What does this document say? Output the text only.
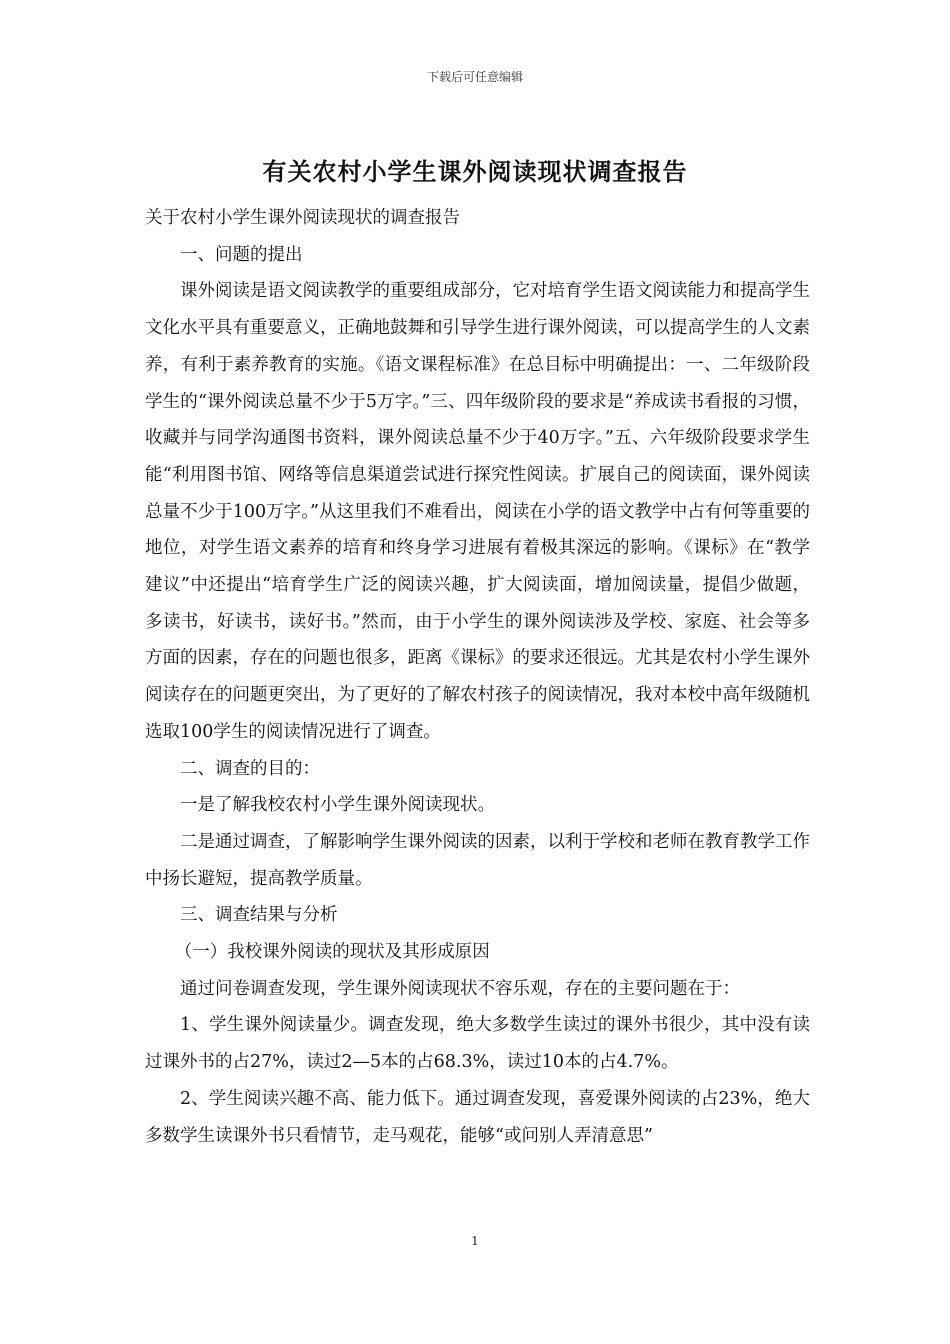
下载后可任意编辑
有关农村小学生课外阅读现状调查报告

关于农村小学生课外阅读现状的调查报告

一、问题的提出

课外阅读是语文阅读教学的重要组成部分，它对培育学生语文阅读能力和提高学生文化水平具有重要意义，正确地鼓舞和引导学生进行课外阅读，可以提高学生的人文素养，有利于素养教育的实施。《语文课程标准》在总目标中明确提出：一、二年级阶段学生的“课外阅读总量不少于5万字。”三、四年级阶段的要求是“养成读书看报的习惯，收藏并与同学沟通图书资料，课外阅读总量不少于40万字。”五、六年级阶段要求学生能“利用图书馆、网络等信息渠道尝试进行探究性阅读。扩展自己的阅读面，课外阅读总量不少于100万字。”从这里我们不难看出，阅读在小学的语文教学中占有何等重要的地位，对学生语文素养的培育和终身学习进展有着极其深远的影响。《课标》在“教学建议”中还提出“培育学生广泛的阅读兴趣，扩大阅读面，增加阅读量，提倡少做题，多读书，好读书，读好书。”然而，由于小学生的课外阅读涉及学校、家庭、社会等多方面的因素，存在的问题也很多，距离《课标》的要求还很远。尤其是农村小学生课外阅读存在的问题更突出，为了更好的了解农村孩子的阅读情况，我对本校中高年级随机选取100学生的阅读情况进行了调查。

二、调查的目的：

一是了解我校农村小学生课外阅读现状。

二是通过调查，了解影响学生课外阅读的因素，以利于学校和老师在教育教学工作中扬长避短，提高教学质量。

三、调查结果与分析

（一）我校课外阅读的现状及其形成原因

通过问卷调查发现，学生课外阅读现状不容乐观，存在的主要问题在于：

1、学生课外阅读量少。调查发现，绝大多数学生读过的课外书很少，其中没有读过课外书的占27%，读过2—5本的占68.3%，读过10本的占4.7%。

2、学生阅读兴趣不高、能力低下。通过调查发现，喜爱课外阅读的占23%，绝大多数学生读课外书只看情节，走马观花，能够“或问别人弄清意思”

1
